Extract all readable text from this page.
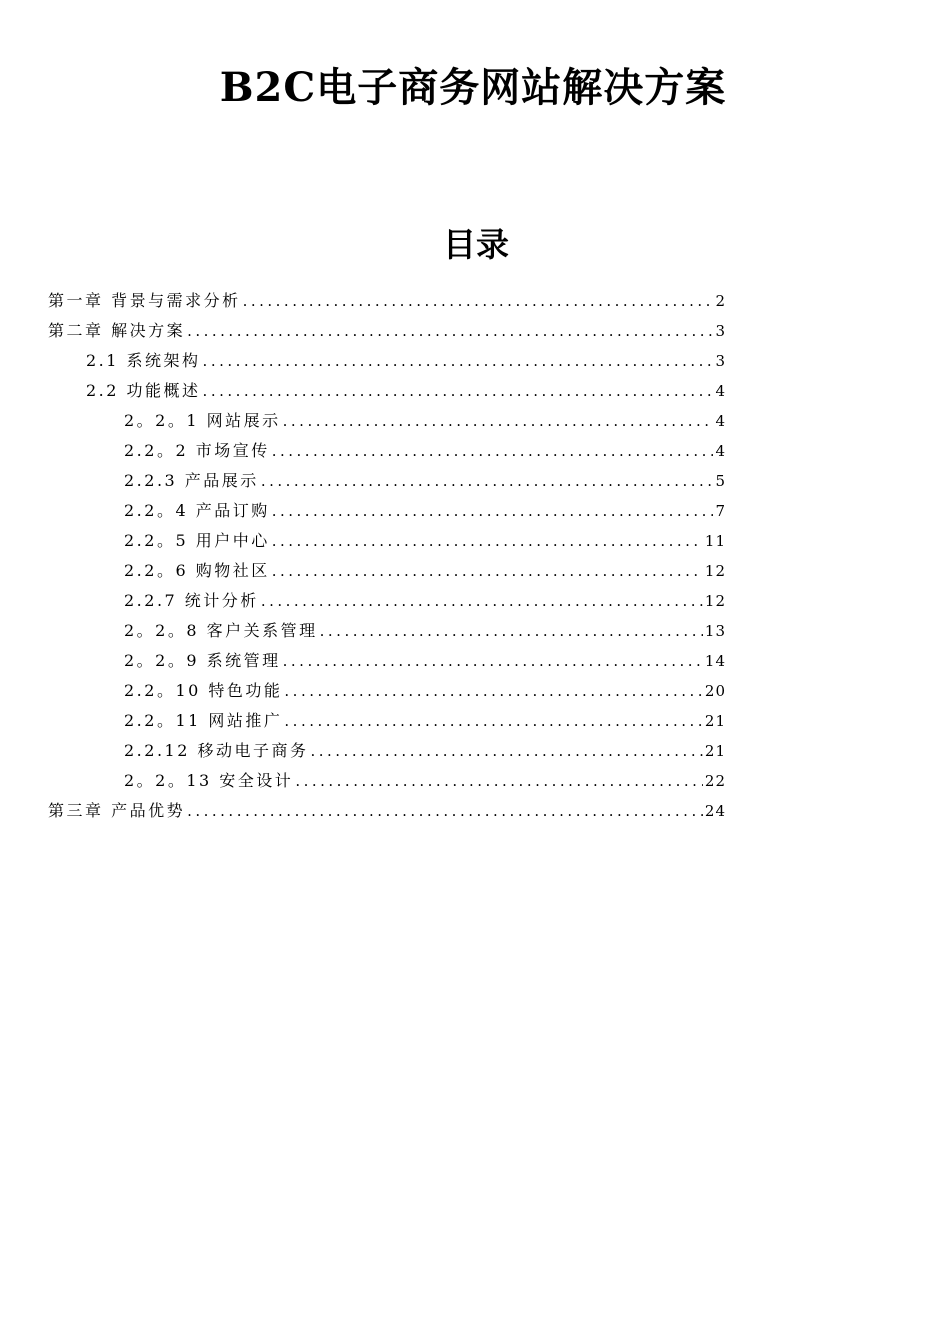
B2C电子商务网站解决方案
目录
第一章 背景与需求分析 .....	2
第二章 解决方案 .....	3
2.1 系统架构 .....	3
2.2 功能概述 .....	4
2。2。1 网站展示 .....	4
2.2。2 市场宣传 .....	4
2.2.3 产品展示 .....	5
2.2。4 产品订购 .....	7
2.2。5 用户中心 .....	11
2.2。6 购物社区 .....	12
2.2.7 统计分析 .....	12
2。2。8 客户关系管理 .....	13
2。2。9 系统管理 .....	14
2.2。10 特色功能 .....	20
2.2。11 网站推广 .....	21
2.2.12 移动电子商务 .....	21
2。2。13 安全设计 .....	22
第三章 产品优势 .....	24
